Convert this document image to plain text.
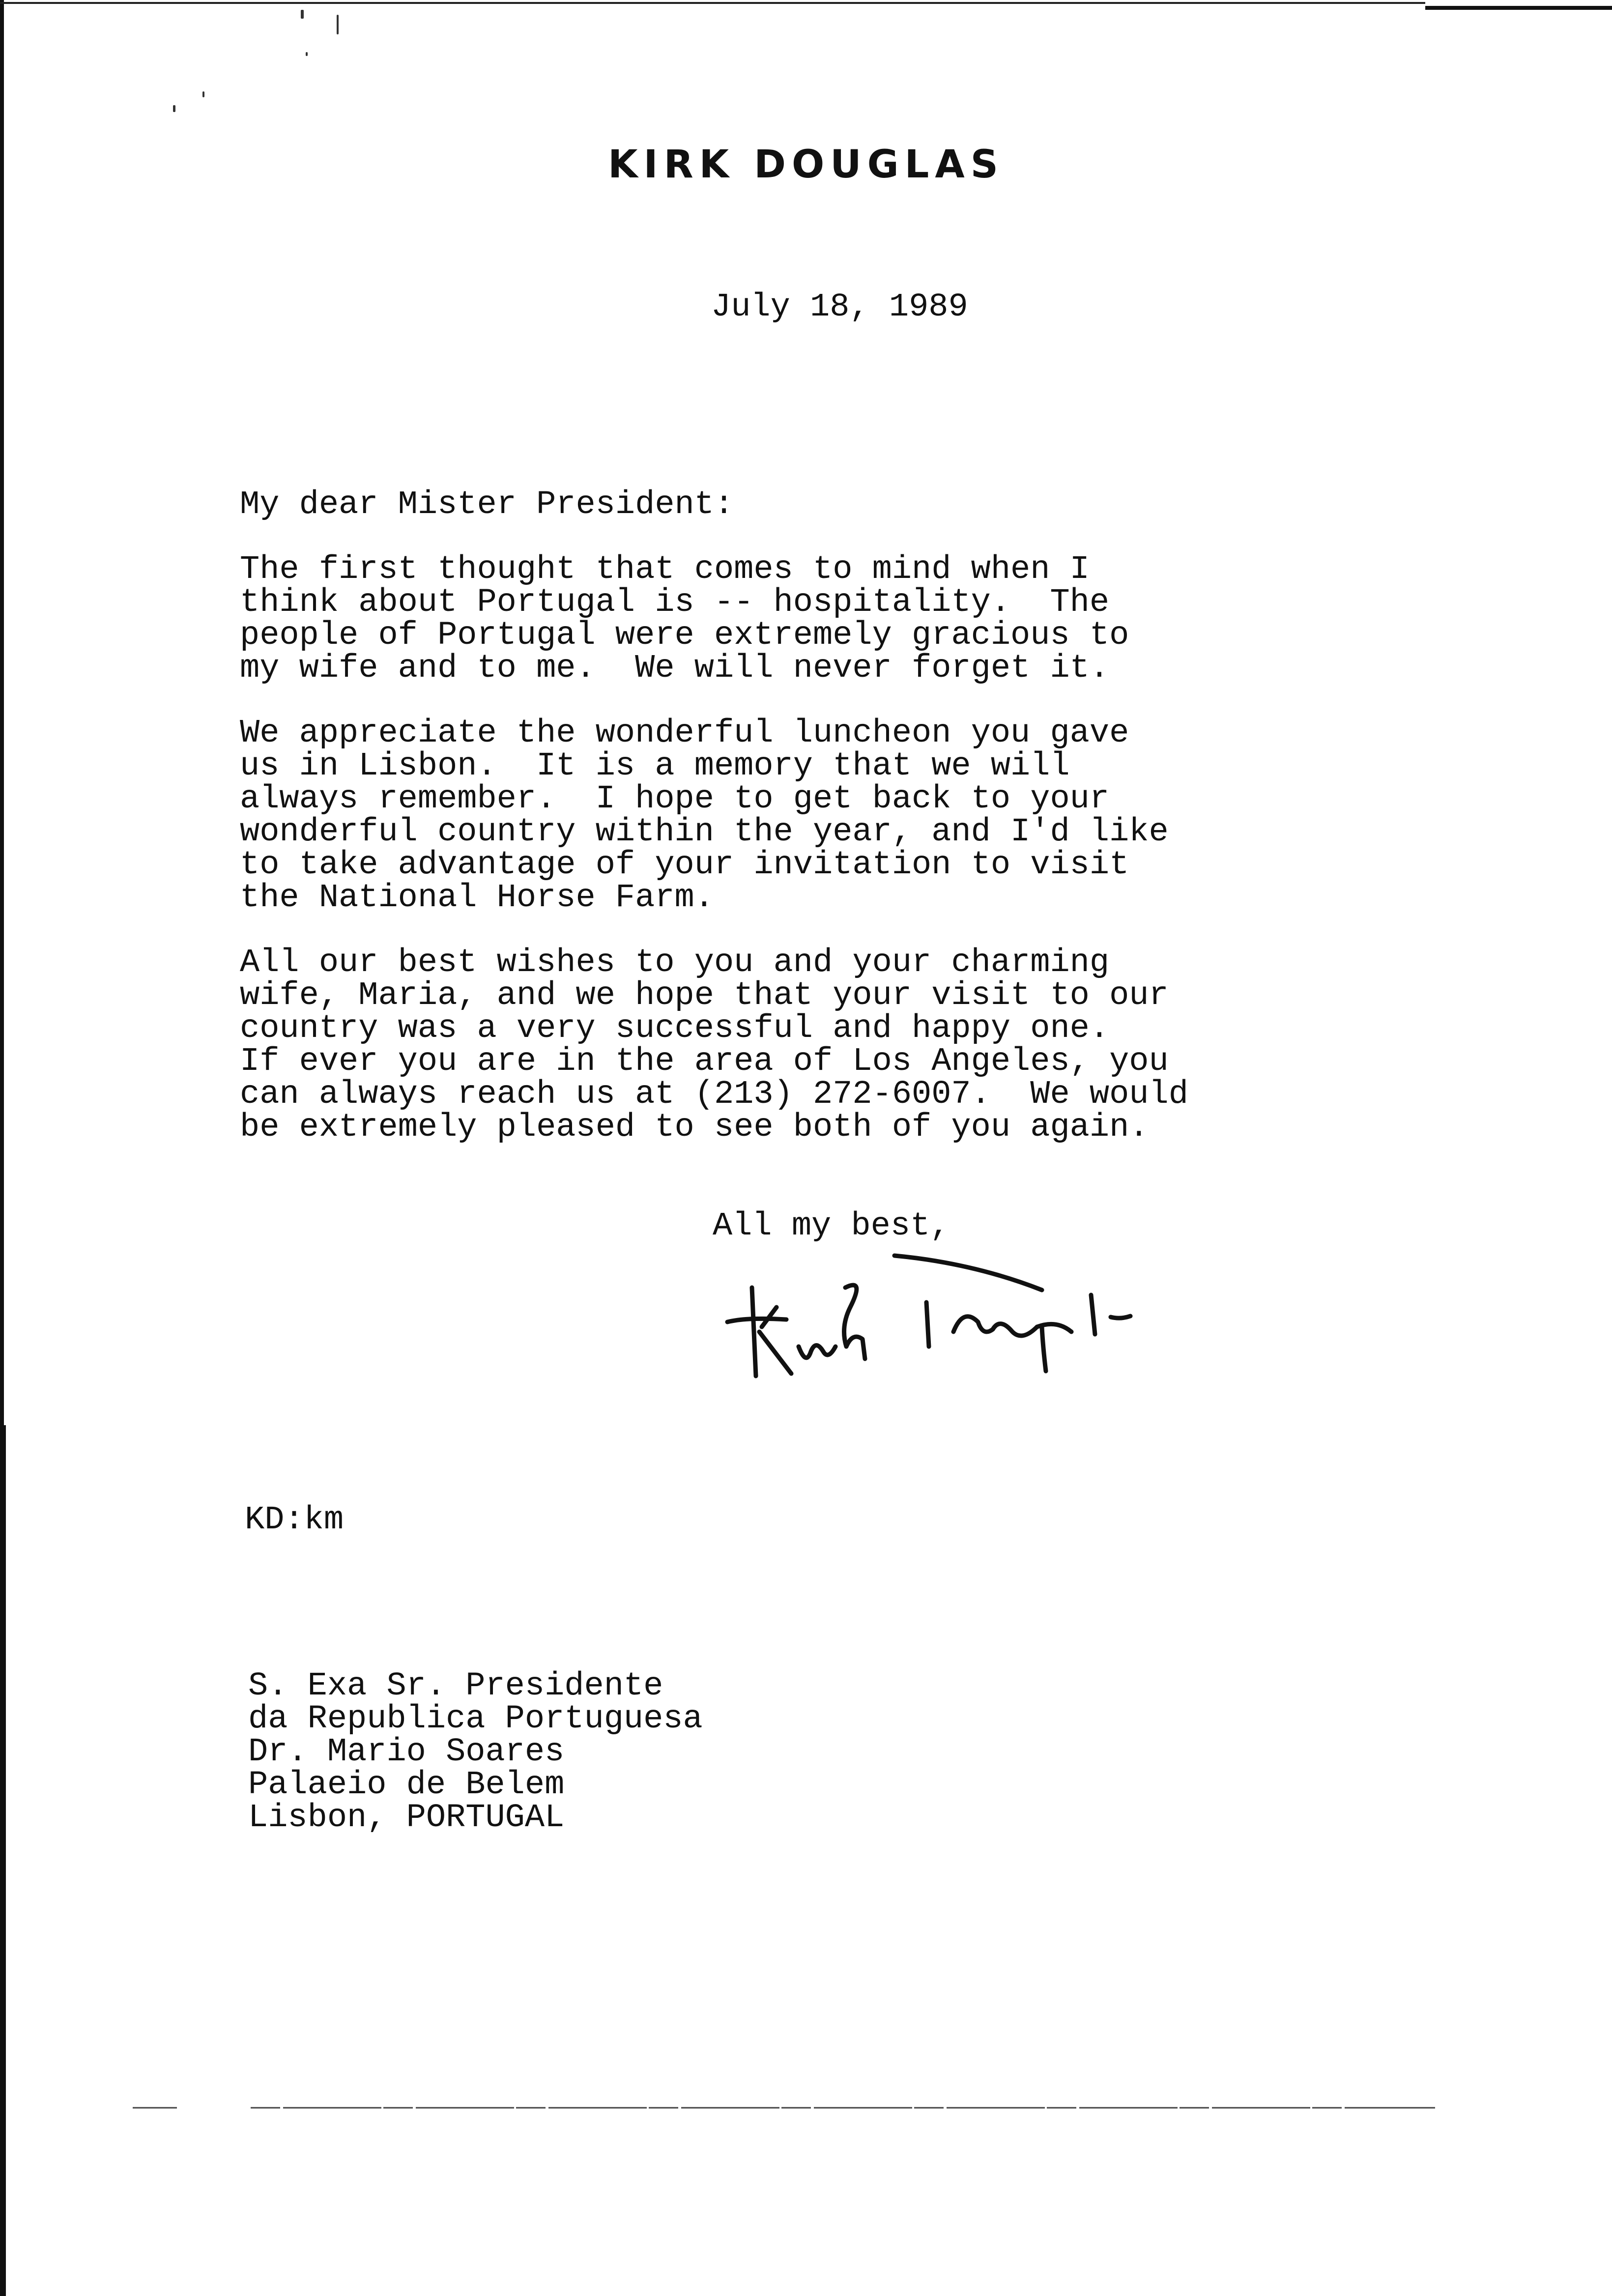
KIRK DOUGLAS

July 18, 1989

My dear Mister President:

The first thought that comes to mind when I
think about Portugal is -- hospitality.  The
people of Portugal were extremely gracious to
my wife and to me.  We will never forget it.

We appreciate the wonderful luncheon you gave
us in Lisbon.  It is a memory that we will
always remember.  I hope to get back to your
wonderful country within the year, and I'd like
to take advantage of your invitation to visit
the National Horse Farm.

All our best wishes to you and your charming
wife, Maria, and we hope that your visit to our
country was a very successful and happy one.
If ever you are in the area of Los Angeles, you
can always reach us at (213) 272-6007.  We would
be extremely pleased to see both of you again.

All my best,

KD:km

S. Exa Sr. Presidente
da Republica Portuguesa
Dr. Mario Soares
Palaeio de Belem
Lisbon, PORTUGAL
